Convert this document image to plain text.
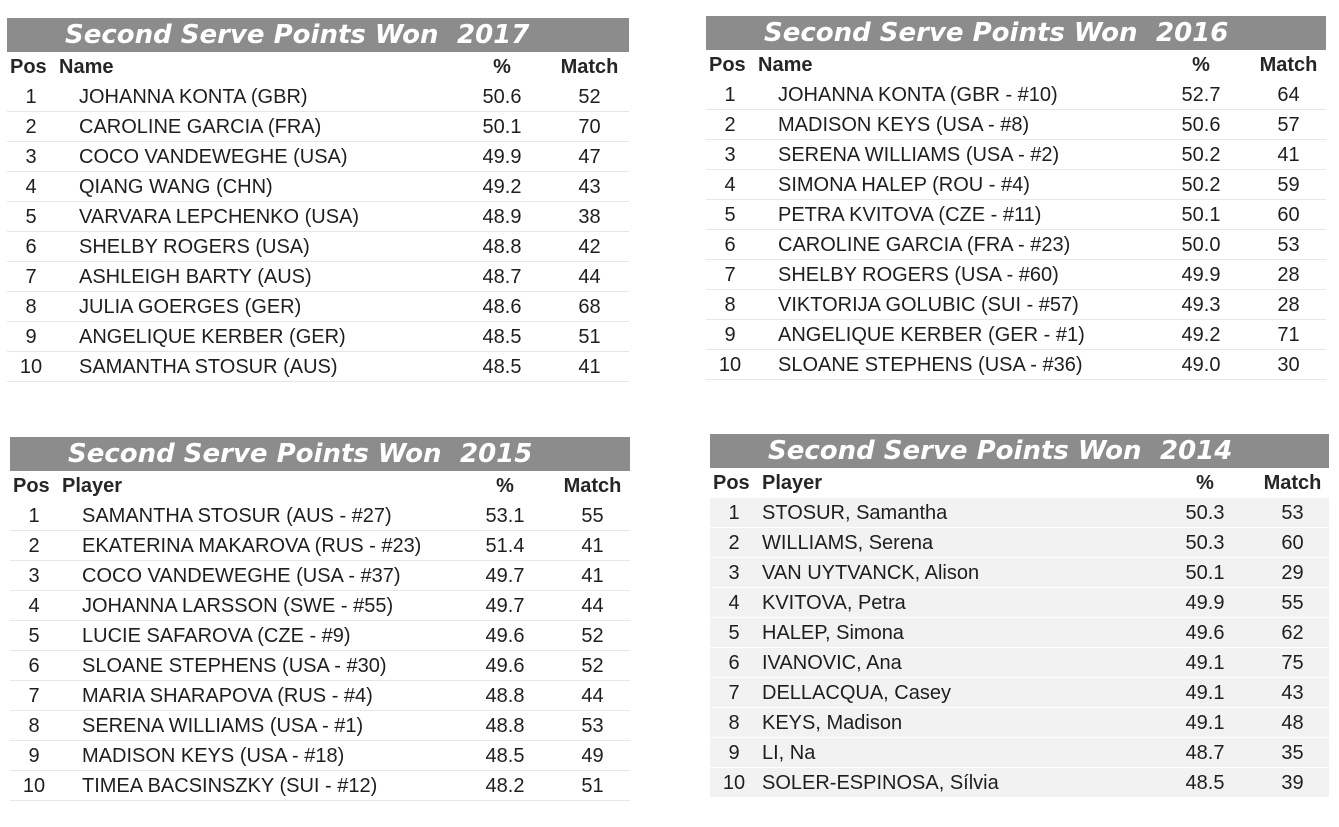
Second Serve Points Won 2017
Pos Name	%	Match
1	JOHANNA KONTA (GBR)	50.6	52
2	CAROLINE GARCIA (FRA)	50.1	70
3	COCO VANDEWEGHE (USA)	49.9	47
4	QIANG WANG (CHN)	49.2	43
5	VARVARA LEPCHENKO (USA)	48.9	38
6	SHELBY ROGERS (USA)	48.8	42
7	ASHLEIGH BARTY (AUS)	48.7	44
8	JULIA GOERGES (GER)	48.6	68
9	ANGELIQUE KERBER (GER)	48.5	51
10	SAMANTHA STOSUR (AUS)	48.5	41
Second Serve Points Won 2016
Pos Name	%	Match
1	JOHANNA KONTA (GBR - #10)	52.7	64
2	MADISON KEYS (USA - #8)	50.6	57
3	SERENA WILLIAMS (USA - #2)	50.2	41
4	SIMONA HALEP (ROU - #4)	50.2	59
5	PETRA KVITOVA (CZE - #11)	50.1	60
6	CAROLINE GARCIA (FRA - #23)	50.0	53
7	SHELBY ROGERS (USA - #60)	49.9	28
8	VIKTORIJA GOLUBIC (SUI - #57)	49.3	28
9	ANGELIQUE KERBER (GER - #1)	49.2	71
10	SLOANE STEPHENS (USA - #36)	49.0	30
Second Serve Points Won 2015
Pos Player	%	Match
1	SAMANTHA STOSUR (AUS - #27)	53.1	55
2	EKATERINA MAKAROVA (RUS - #23)	51.4	41
3	COCO VANDEWEGHE (USA - #37)	49.7	41
4	JOHANNA LARSSON (SWE - #55)	49.7	44
5	LUCIE SAFAROVA (CZE - #9)	49.6	52
6	SLOANE STEPHENS (USA - #30)	49.6	52
7	MARIA SHARAPOVA (RUS - #4)	48.8	44
8	SERENA WILLIAMS (USA - #1)	48.8	53
9	MADISON KEYS (USA - #18)	48.5	49
10	TIMEA BACSINSZKY (SUI - #12)	48.2	51
Second Serve Points Won 2014
Pos Player	%	Match
1	STOSUR, Samantha	50.3	53
2	WILLIAMS, Serena	50.3	60
3	VAN UYTVANCK, Alison	50.1	29
4	KVITOVA, Petra	49.9	55
5	HALEP, Simona	49.6	62
6	IVANOVIC, Ana	49.1	75
7	DELLACQUA, Casey	49.1	43
8	KEYS, Madison	49.1	48
9	LI, Na	48.7	35
10 SOLER-ESPINOSA, Sílvia	48.5	39
